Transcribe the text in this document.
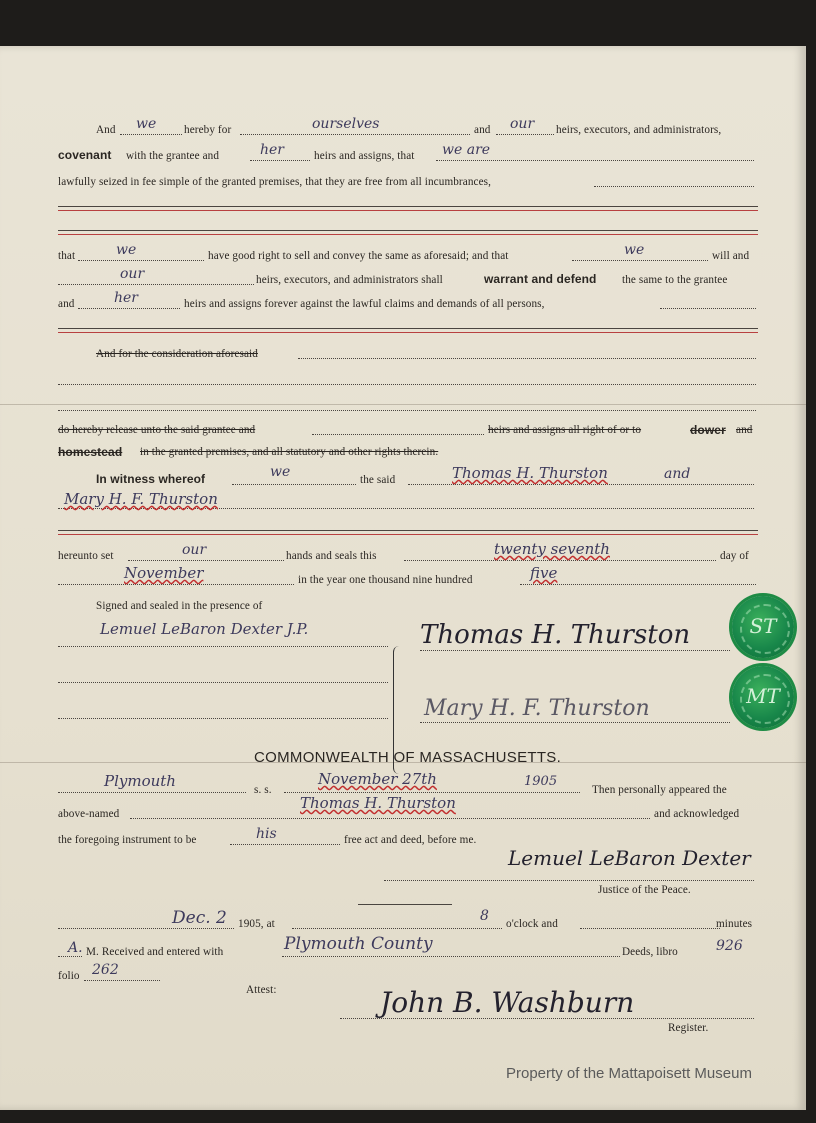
And we hereby for	ourselves	and our heirs, executors, and administrators,
covenant with the grantee and	her	heirs and assigns, that we are
lawfully seized in fee simple of the granted premises, that they are free from all incumbrances,
that	we	have good right to sell and convey the same as aforesaid; and that	we	will and
our	heirs, executors, and administrators shall	warrant and defend the same to the grantee
and	her	heirs and assigns forever against the lawful claims and demands of all persons,
And for the consideration aforesaid
do hereby release unto the said grantee and	heirs and assigns all right of or to	dower and
homestead in the granted premises, and all statutory and other rights therein.
In witness whereof	we	the said	Thomas H. Thurston	and
Mary H. F. Thurston
hereunto set	our	hands and seals this	twenty seventh	day of
November	in the year one thousand nine hundred	five
Signed and sealed in the presence of
Lemuel LeBaron Dexter J.P.	Thomas H. Thurston
Mary H. F. Thurston
ST
MT
COMMONWEALTH OF MASSACHUSETTS.
Plymouth	s. s.
November 27th	1905
Then personally appeared the
above-named
Thomas H. Thurston
and acknowledged
the foregoing instrument to be	his	free act and deed, before me.
Lemuel LeBaron Dexter
Justice of the Peace.
Dec. 2 1905, at	8 o'clock and	minutes
A. M. Received and entered with	Plymouth County	Deeds, libro	926
folio 262
Attest:	John B. Washburn
Register.
Property of the Mattapoisett Museum
